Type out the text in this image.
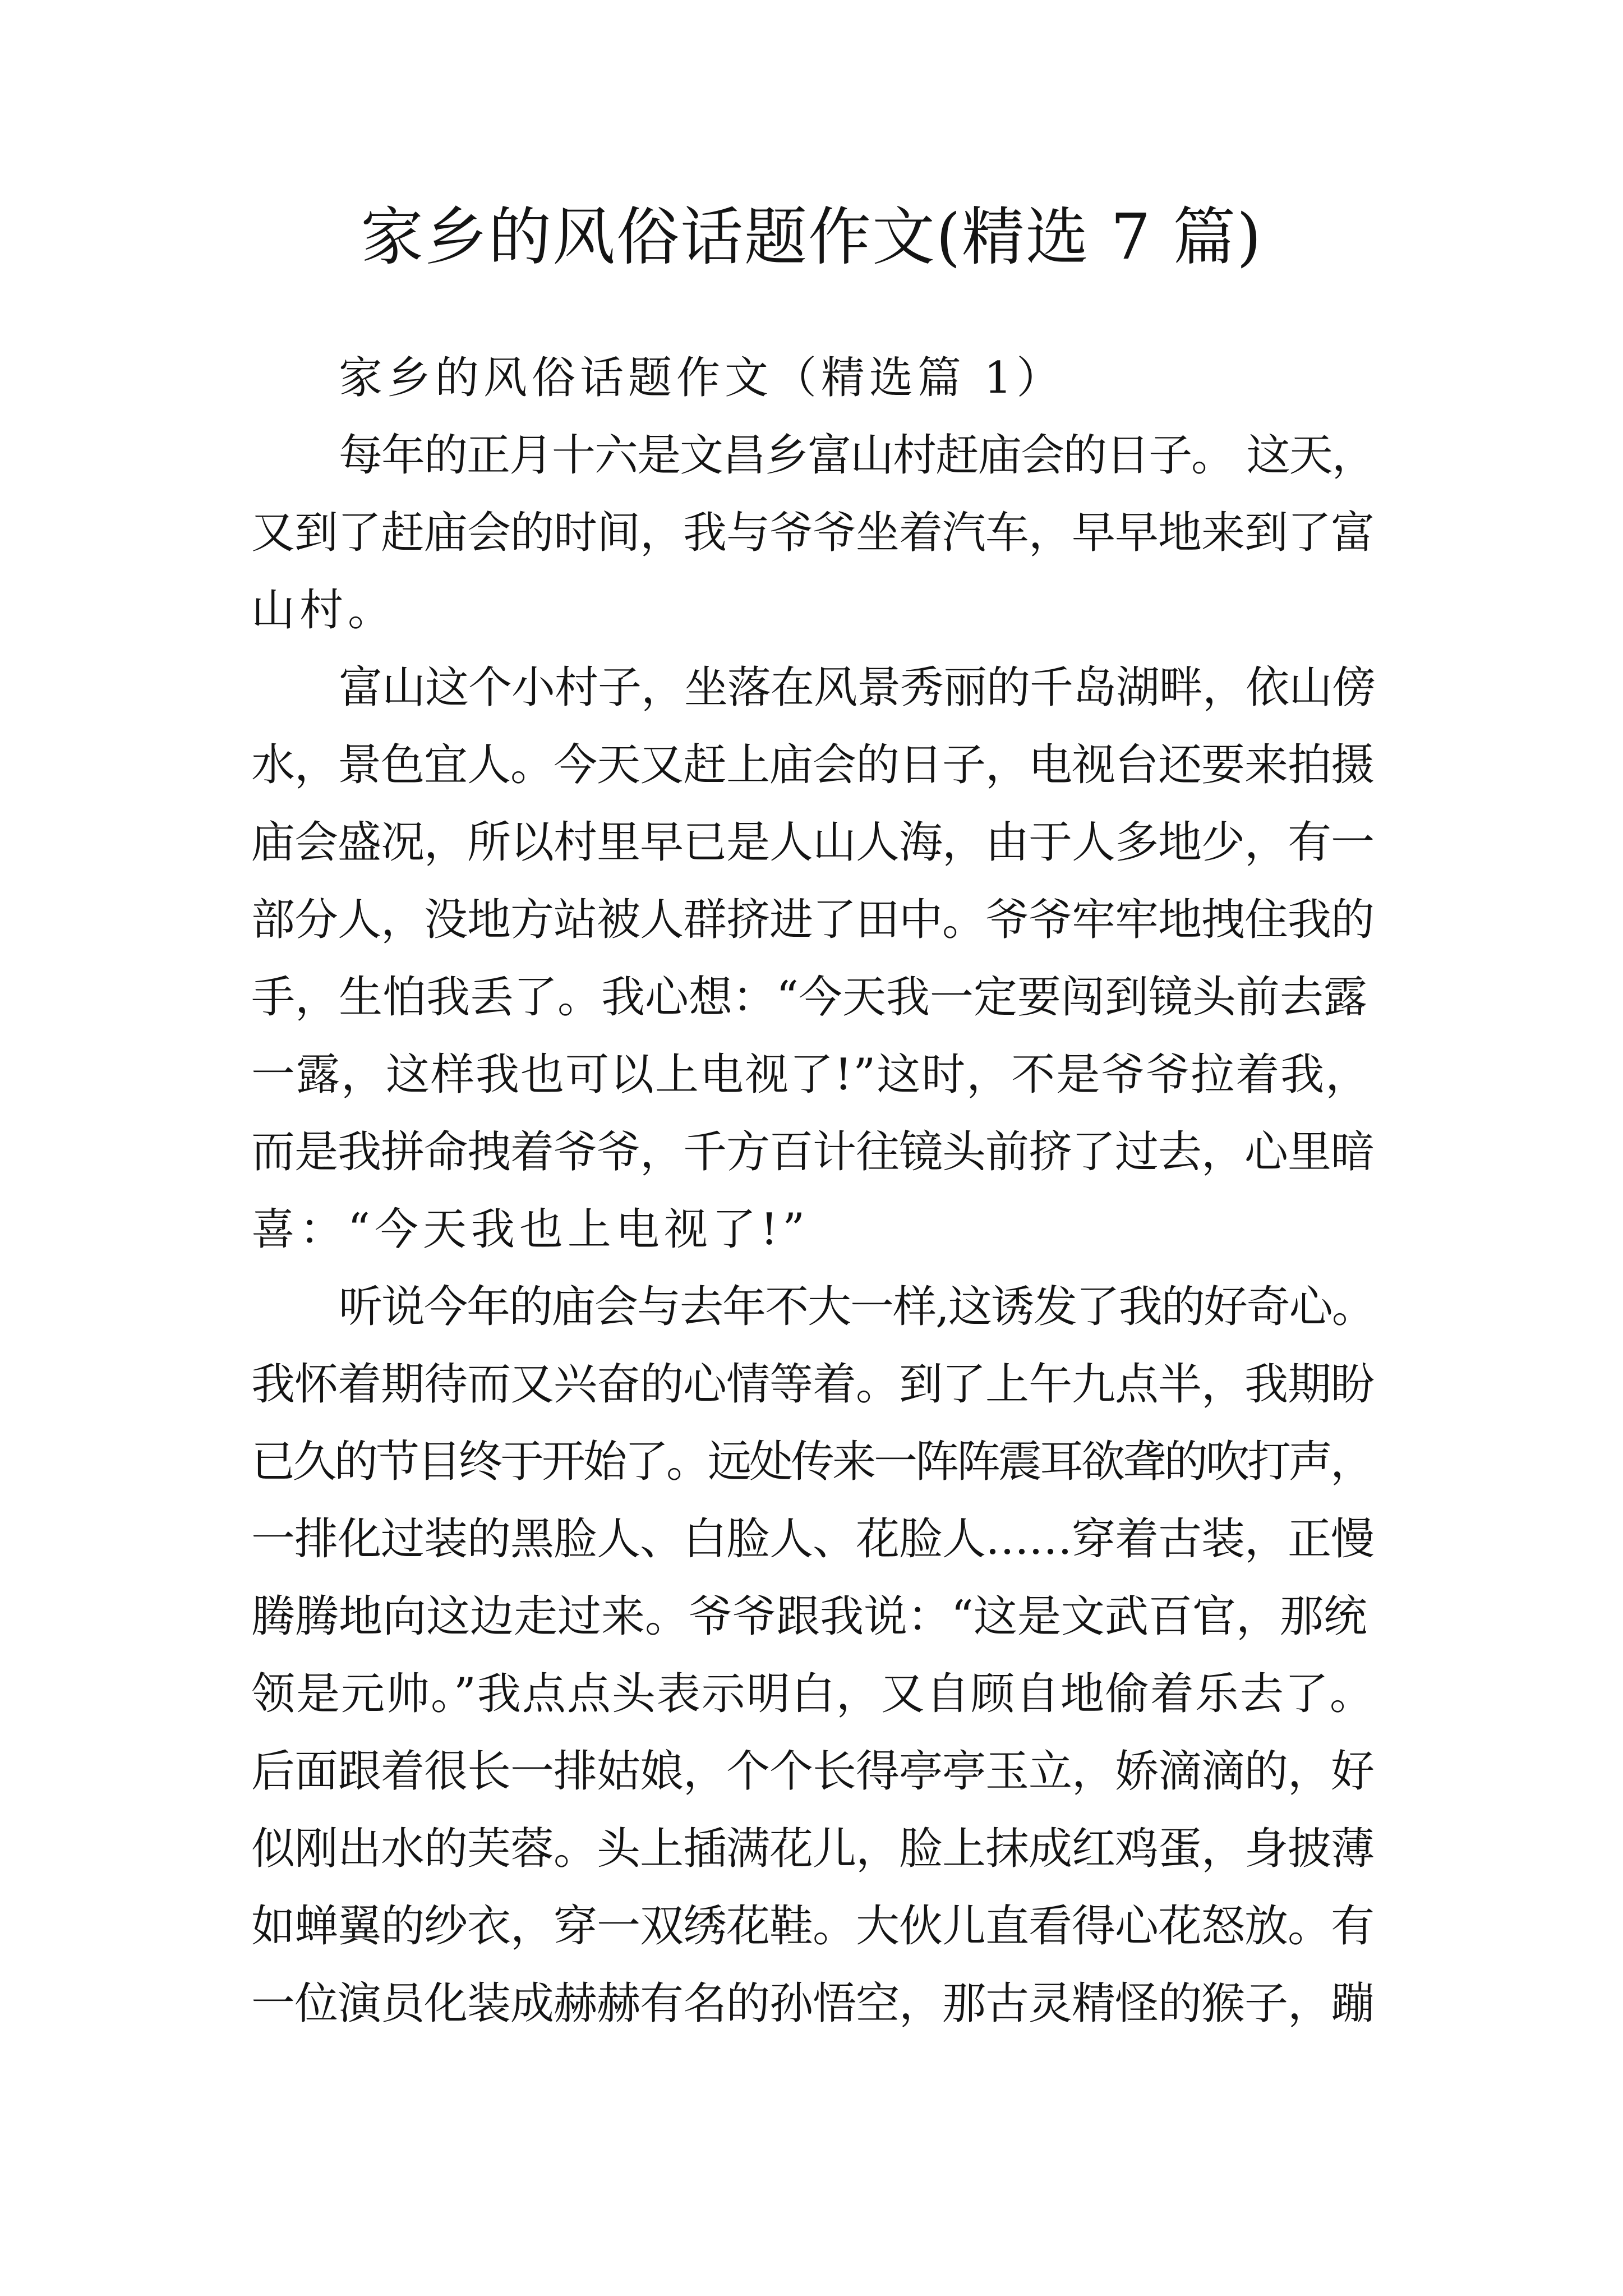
家乡的风俗话题作文(精选 7 篇)
家乡的风俗话题作文（精选篇 1）
每年的正月十六是文昌乡富山村赶庙会的日子。 这天，
又到了赶庙会的时间，我与爷爷坐着汽车，早早地来到了富
山村。
富山这个小村子，坐落在风景秀丽的千岛湖畔，依山傍
水，景色宜人。今天又赶上庙会的日子，电视台还要来拍摄
庙会盛况，所以村里早已是人山人海，由于人多地少，有一
部分人，没地方站被人群挤进了田中。爷爷牢牢地拽住我的
手，生怕我丢了。我心想：“今天我一定要闯到镜头前去露
一露，这样我也可以上电视了!”这时，不是爷爷拉着我，
而是我拼命拽着爷爷，千方百计往镜头前挤了过去，心里暗
喜：“今天我也上电视了!”
听说今年的庙会与去年不大一样,这诱发了我的好奇心。
我怀着期待而又兴奋的心情等着。到了上午九点半，我期盼
已久的节目终于开始了。远处传来一阵阵震耳欲聋的吹打声，
一排化过装的黑脸人、白脸人、花脸人……穿着古装，正慢
腾腾地向这边走过来。爷爷跟我说：“这是文武百官，那统
领是元帅。”我点点头表示明白，又自顾自地偷着乐去了。
后面跟着很长一排姑娘，个个长得亭亭玉立，娇滴滴的，好
似刚出水的芙蓉。头上插满花儿，脸上抹成红鸡蛋，身披薄
如蝉翼的纱衣，穿一双绣花鞋。大伙儿直看得心花怒放。有
一位演员化装成赫赫有名的孙悟空，那古灵精怪的猴子，蹦
